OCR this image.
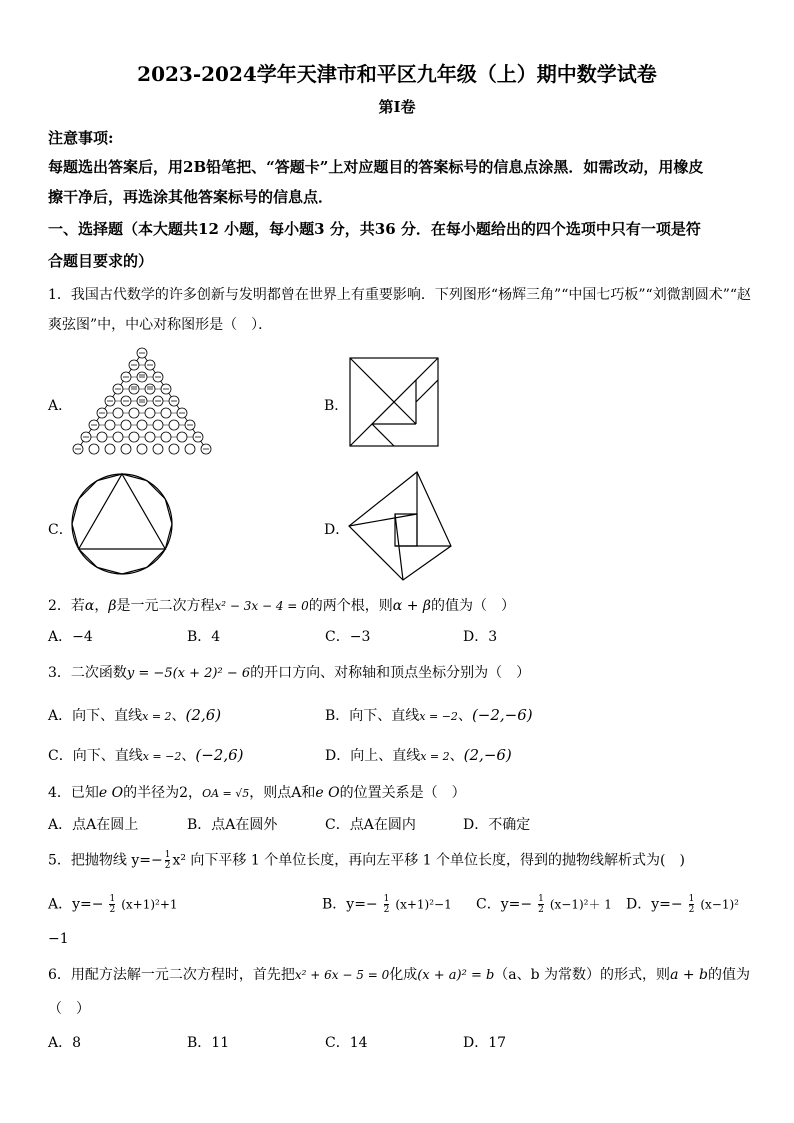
2023-2024学年天津市和平区九年级（上）期中数学试卷
第Ⅰ卷
注意事项:
每题选出答案后，用2B铅笔把、“答题卡”上对应题目的答案标号的信息点涂黑．如需改动，用橡皮
擦干净后，再选涂其他答案标号的信息点．
一、选择题（本大题共12 小题，每小题3 分，共36 分．在每小题给出的四个选项中只有一项是符
合题目要求的）
1．我国古代数学的许多创新与发明都曾在世界上有重要影响．下列图形“杨辉三角”“中国七巧板”“刘微割圆术”“赵
爽弦图”中，中心对称图形是（　）．
A．	B．
C．	D．
2．若α，β是一元二次方程x² − 3x − 4 = 0的两个根，则α + β的值为（　）
A．−4	B．4	C．−3	D．3
3．二次函数y = −5(x + 2)² − 6的开口方向、对称轴和顶点坐标分别为（　）
A．向下、直线x = 2、(2,6)	B．向下、直线x = −2、(−2,−6)
C．向下、直线x = −2、(−2,6)	D．向上、直线x = 2、(2,−6)
4．已知e O的半径为2，OA = √5，则点A和e O的位置关系是（　）
A．点A在圆上	B．点A在圆外	C．点A在圆内	D．不确定
5．把抛物线 $y=- \frac{1}{2} x^2$ 向下平移 1 个单位长度，再向左平移 1 个单位长度，得到的抛物线解析式为(　)
A．$y=- \frac{1}{2} (x+1)^2+1$	B．$y=- \frac{1}{2} (x+1)^2-1$ C．$y=- \frac{1}{2} (x-1)^2+ 1$ D．$y=- \frac{1}{2} (x-1)^2$
−1
6．用配方法解一元二次方程时，首先把x² + 6x − 5 = 0化成(x + a)² = b（a、b 为常数）的形式，则a + b的值为
（　）
A．8	B．11	C．14	D．17
